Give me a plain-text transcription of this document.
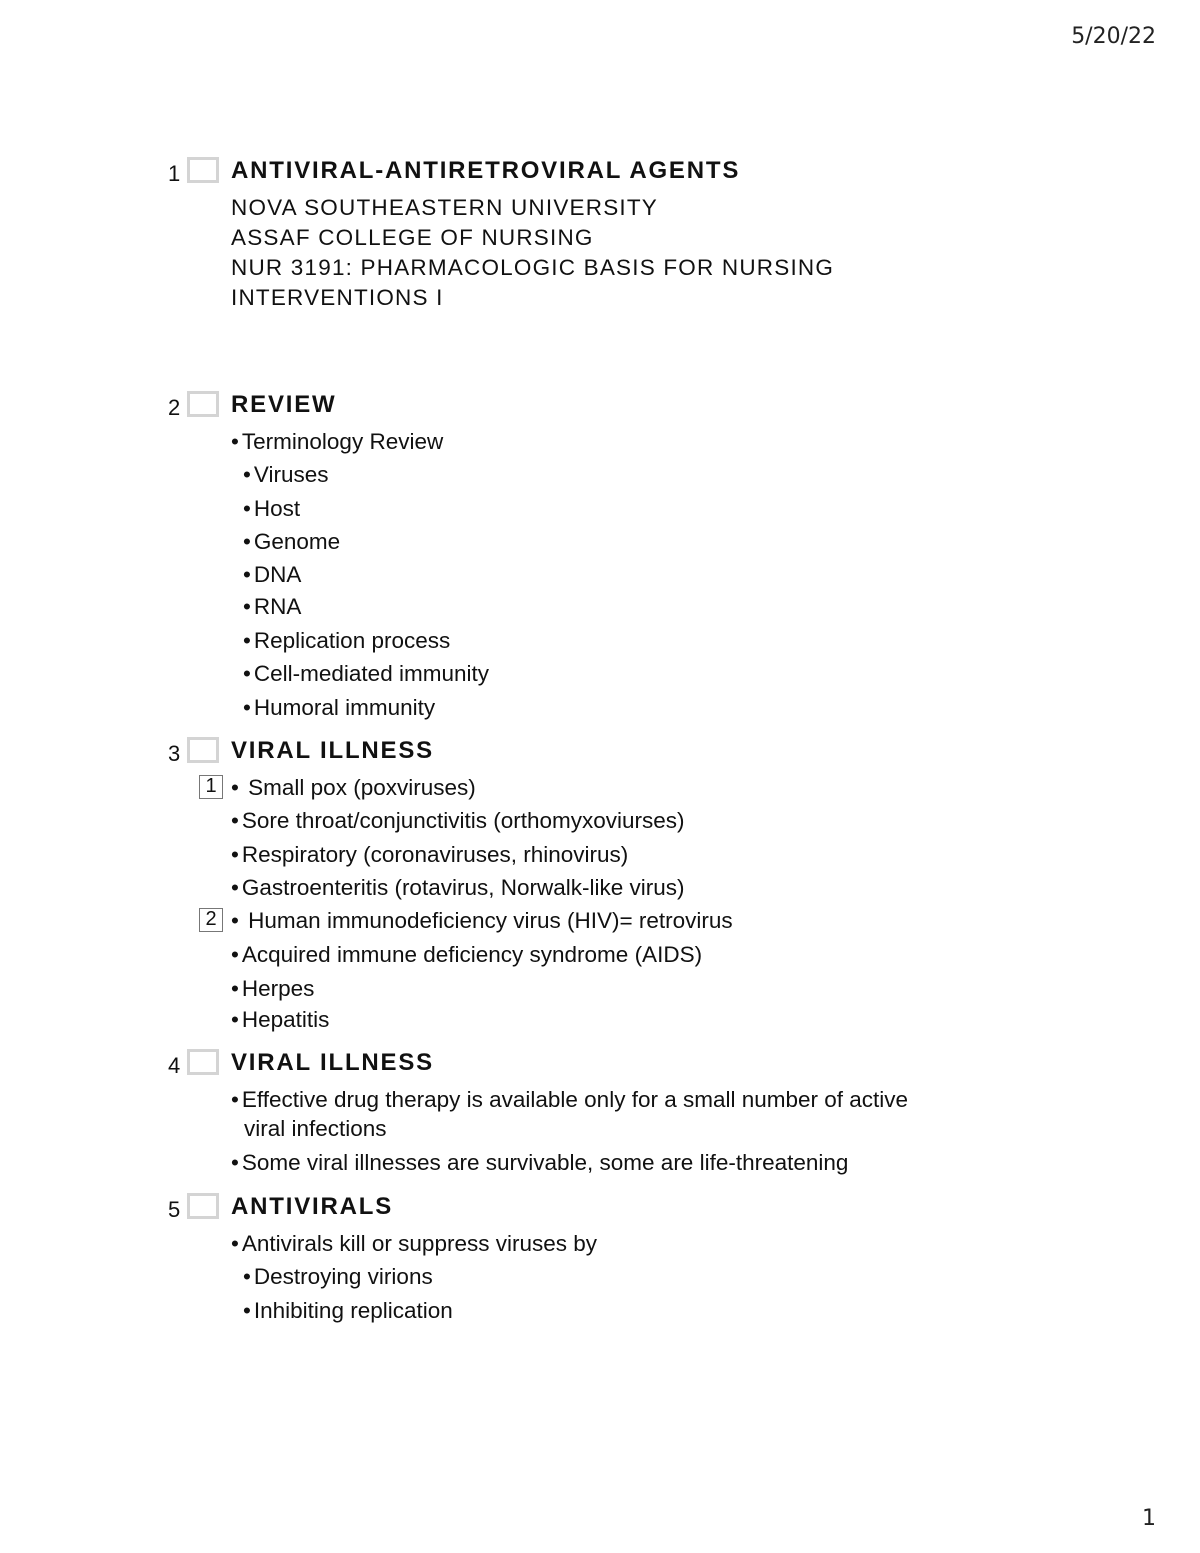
5/20/22
1 ANTIVIRAL-ANTIRETROVIRAL AGENTS
NOVA SOUTHEASTERN UNIVERSITY
ASSAF COLLEGE OF NURSING
NUR 3191: PHARMACOLOGIC BASIS FOR NURSING
INTERVENTIONS I
2 REVIEW
• Terminology Review
• Viruses
• Host
• Genome
• DNA
• RNA
• Replication process
• Cell-mediated immunity
• Humoral immunity
3 VIRAL ILLNESS

• 1 Small pox (poxviruses)
• Sore throat/conjunctivitis (orthomyxoviurses)
• Respiratory (coronaviruses, rhinovirus)
• Gastroenteritis (rotavirus, Norwalk-like virus)

• 2 Human immunodeficiency virus (HIV)= retrovirus
• Acquired immune deficiency syndrome (AIDS)
• Herpes
• Hepatitis
4 VIRAL ILLNESS
• Effective drug therapy is available only for a small number of active
viral infections
• Some viral illnesses are survivable, some are life-threatening
5 ANTIVIRALS
• Antivirals kill or suppress viruses by
• Destroying virions
• Inhibiting replication
1
